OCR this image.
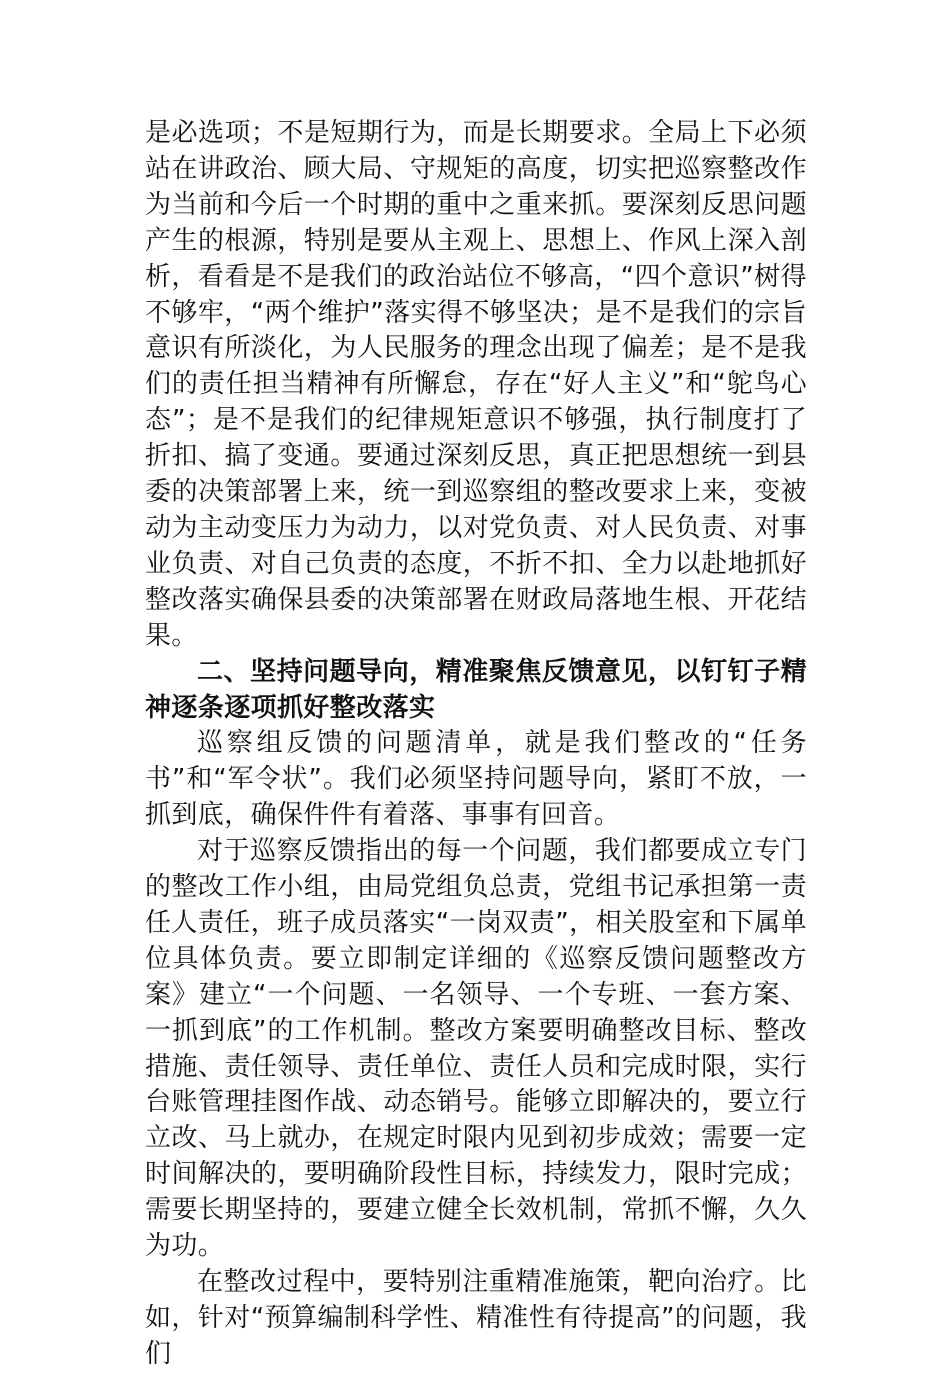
是必选项；不是短期行为，而是长期要求。全局上下必须站在讲政治、顾大局、守规矩的高度，切实把巡察整改作为当前和今后一个时期的重中之重来抓。要深刻反思问题产生的根源，特别是要从主观上、思想上、作风上深入剖析，看看是不是我们的政治站位不够高，“四个意识”树得不够牢，“两个维护”落实得不够坚决；是不是我们的宗旨意识有所淡化，为人民服务的理念出现了偏差；是不是我们的责任担当精神有所懈怠，存在“好人主义”和“鸵鸟心态”；是不是我们的纪律规矩意识不够强，执行制度打了折扣、搞了变通。要通过深刻反思，真正把思想统一到县委的决策部署上来，统一到巡察组的整改要求上来，变被动为主动变压力为动力，以对党负责、对人民负责、对事业负责、对自己负责的态度，不折不扣、全力以赴地抓好整改落实确保县委的决策部署在财政局落地生根、开花结果。

二、坚持问题导向，精准聚焦反馈意见，以钉钉子精神逐条逐项抓好整改落实

巡察组反馈的问题清单，就是我们整改的“任务书”和“军令状”。我们必须坚持问题导向，紧盯不放，一抓到底，确保件件有着落、事事有回音。

对于巡察反馈指出的每一个问题，我们都要成立专门的整改工作小组，由局党组负总责，党组书记承担第一责任人责任，班子成员落实“一岗双责”，相关股室和下属单位具体负责。要立即制定详细的《巡察反馈问题整改方案》建立“一个问题、一名领导、一个专班、一套方案、一抓到底”的工作机制。整改方案要明确整改目标、整改措施、责任领导、责任单位、责任人员和完成时限，实行台账管理挂图作战、动态销号。能够立即解决的，要立行立改、马上就办，在规定时限内见到初步成效；需要一定时间解决的，要明确阶段性目标，持续发力，限时完成；需要长期坚持的，要建立健全长效机制，常抓不懈，久久为功。

在整改过程中，要特别注重精准施策，靶向治疗。比如，针对“预算编制科学性、精准性有待提高”的问题，我们
